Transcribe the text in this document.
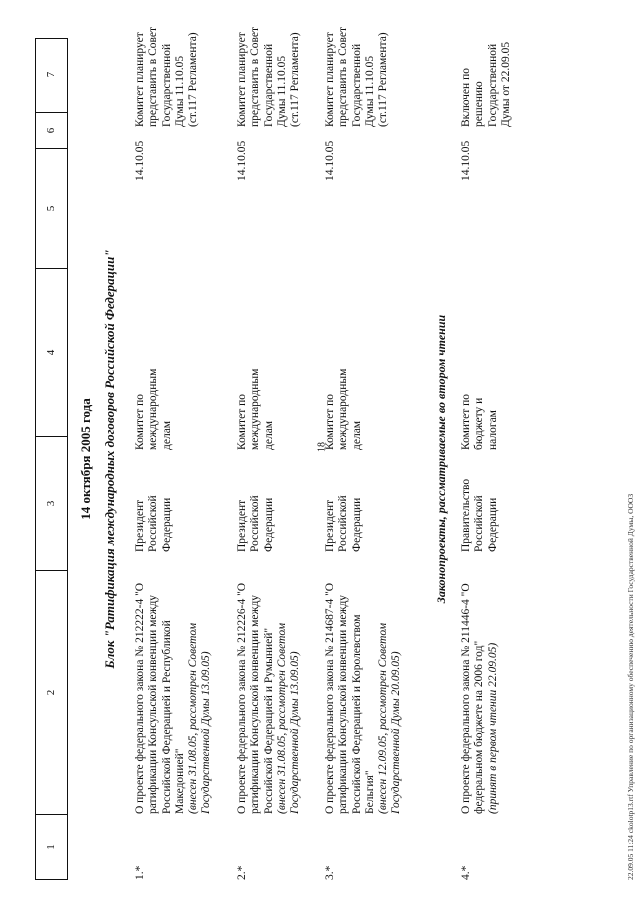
18
1
2
3
4
5
6
7
14 октября 2005 года Блок "Ратификация международных договоров Российской Федерации"
1.*
О проекте федерального закона № 212222-4 "О ратификации Консульской конвенции между Российской Федерацией и Республикой Македонией" (внесен 31.08.05, рассмотрен Советом Государственной Думы 13.09.05)
Президент Российской Федерации
Комитет по международным делам
14.10.05
Комитет планирует представить в Совет Государственной Думы 11.10.05 (ст.117 Регламента)
2.*
О проекте федерального закона № 212226-4 "О ратификации Консульской конвенции между Российской Федерацией и Румынией" (внесен 31.08.05, рассмотрен Советом Государственной Думы 13.09.05)
Президент Российской Федерации
Комитет по международным делам
14.10.05
Комитет планирует представить в Совет Государственной Думы 11.10.05 (ст.117 Регламента)
3.*
О проекте федерального закона № 214687-4 "О ратификации Консульской конвенции между Российской Федерацией и Королевством Бельгия" (внесен 12.09.05, рассмотрен Советом Государственной Думы 20.09.05)
Президент Российской Федерации
Комитет по международным делам
14.10.05
Комитет планирует представить в Совет Государственной Думы 11.10.05 (ст.117 Регламента)
Законопроекты, рассматриваемые во втором чтении
4.*
О проекте федерального закона № 211446-4 "О федеральном бюджете на 2006 год" (принят в первом чтении 22.09.05)
Правительство Российской Федерации
Комитет по бюджету и налогам
14.10.05
Включен по решению Государственной Думы от 22.09.05
22.09.05 11:24 ckolotp13.rtf Управление по организационному обеспечению деятельности Государственной Думы, ООО3
